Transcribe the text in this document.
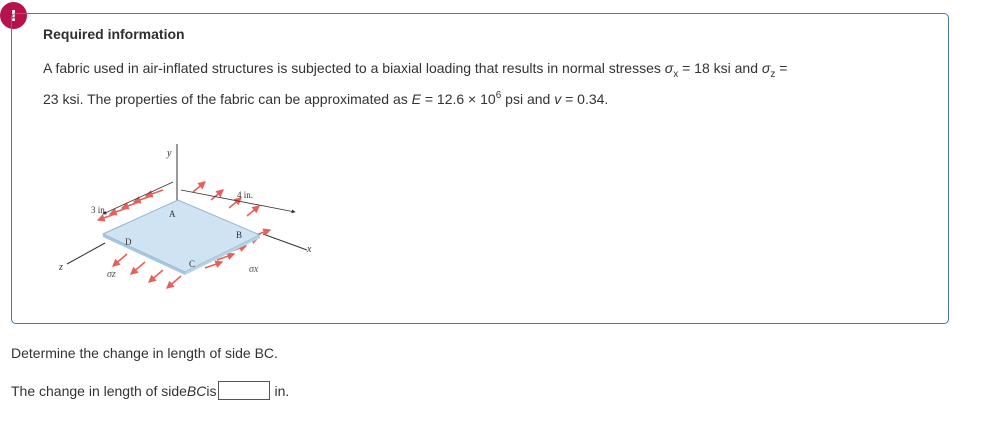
!
Required information
A fabric used in air-inflated structures is subjected to a biaxial loading that results in normal stresses $\sigma_x = 18$ ksi and $\sigma_z$ =
23 ksi. The properties of the fabric can be approximated as $E = 12.6 \times 10^6$ psi and v = 0.34.
y
x
z
4 in.
3 in.	A
B
C
D
σz	σx
Determine the change in length of side BC.
The change in length of side BC is	in.
